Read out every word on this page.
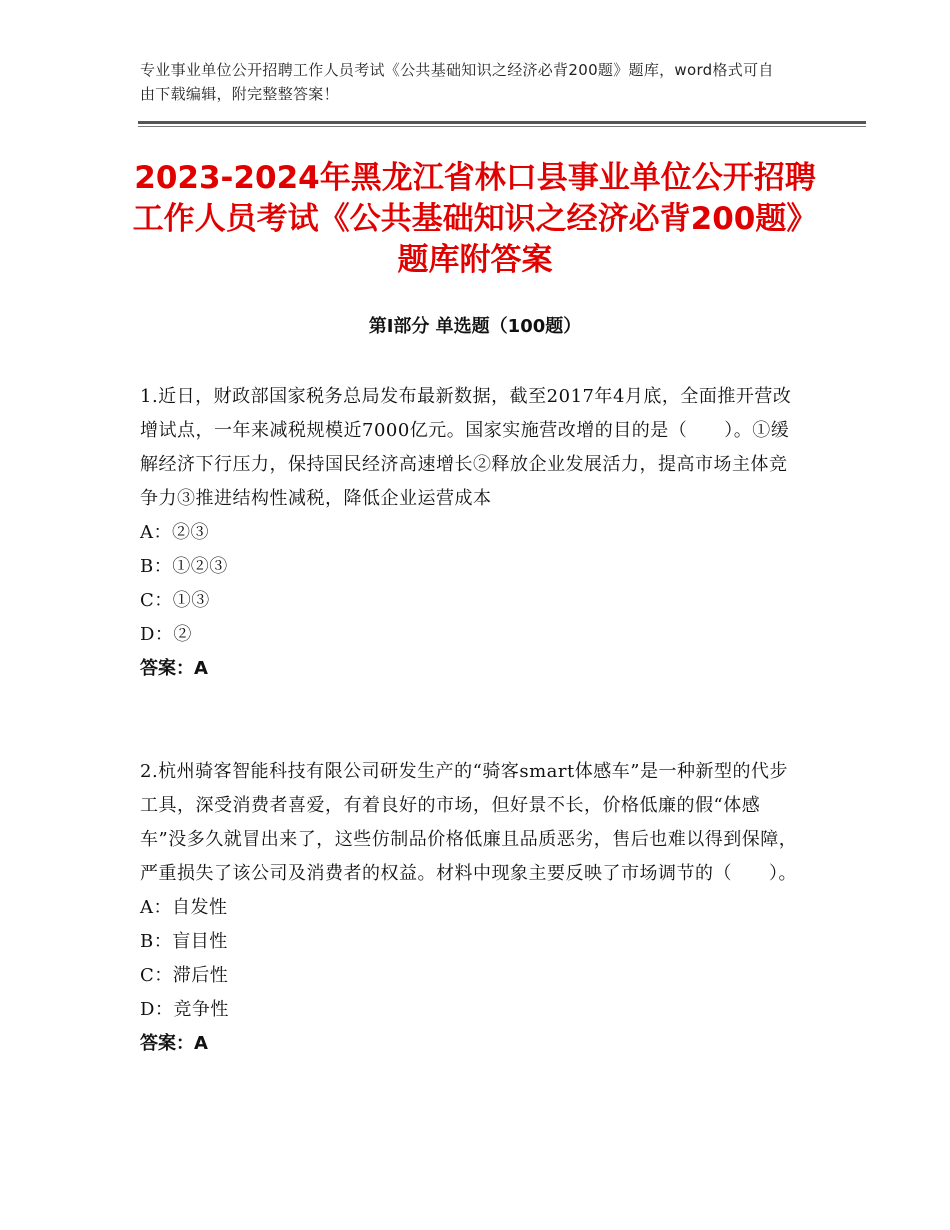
专业事业单位公开招聘工作人员考试《公共基础知识之经济必背200题》题库，word格式可自由下载编辑，附完整整答案！
2023-2024年黑龙江省林口县事业单位公开招聘工作人员考试《公共基础知识之经济必背200题》题库附答案
第Ⅰ部分 单选题（100题）
1.近日，财政部国家税务总局发布最新数据，截至2017年4月底，全面推开营改增试点，一年来减税规模近7000亿元。国家实施营改增的目的是（　　）。①缓解经济下行压力，保持国民经济高速增长②释放企业发展活力，提高市场主体竞争力③推进结构性减税，降低企业运营成本
A：②③
B：①②③
C：①③
D：②
答案：A
2.杭州骑客智能科技有限公司研发生产的“骑客smart体感车”是一种新型的代步工具，深受消费者喜爱，有着良好的市场，但好景不长，价格低廉的假“体感车”没多久就冒出来了，这些仿制品价格低廉且品质恶劣，售后也难以得到保障，严重损失了该公司及消费者的权益。材料中现象主要反映了市场调节的（　　）。
A：自发性
B：盲目性
C：滞后性
D：竞争性
答案：A
